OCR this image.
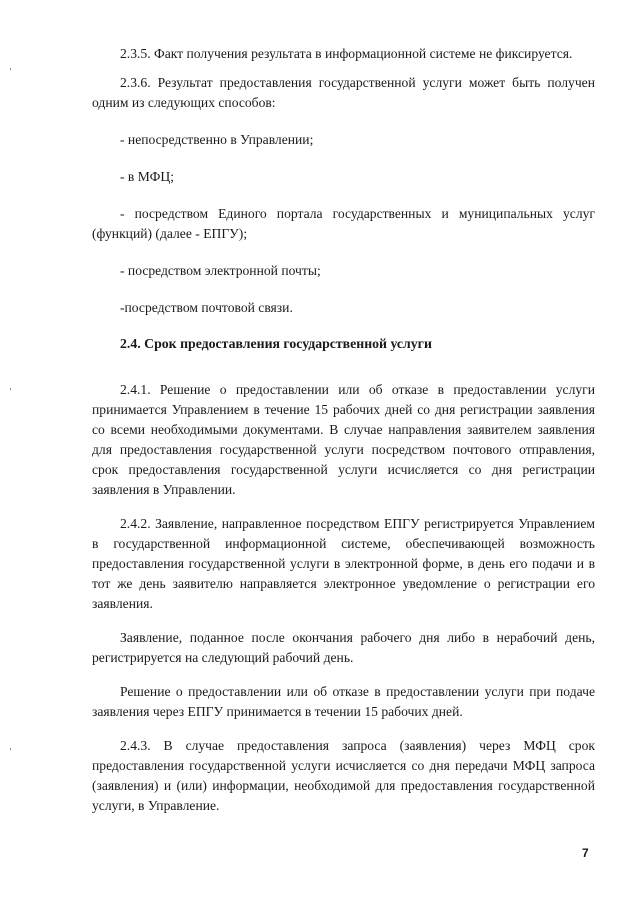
2.3.5. Факт получения результата в информационной системе не фиксируется.

2.3.6. Результат предоставления государственной услуги может быть получен одним из следующих способов:

- непосредственно в Управлении;

- в МФЦ;

- посредством Единого портала государственных и муниципальных услуг (функций) (далее - ЕПГУ);

- посредством электронной почты;

-посредством почтовой связи.

2.4. Срок предоставления государственной услуги

2.4.1. Решение о предоставлении или об отказе в предоставлении услуги принимается Управлением в течение 15 рабочих дней со дня регистрации заявления со всеми необходимыми документами. В случае направления заявителем заявления для предоставления государственной услуги посредством почтового отправления, срок предоставления государственной услуги исчисляется со дня регистрации заявления в Управлении.

2.4.2. Заявление, направленное посредством ЕПГУ регистрируется Управлением в государственной информационной системе, обеспечивающей возможность предоставления государственной услуги в электронной форме, в день его подачи и в тот же день заявителю направляется электронное уведомление о регистрации его заявления.

Заявление, поданное после окончания рабочего дня либо в нерабочий день, регистрируется на следующий рабочий день.

Решение о предоставлении или об отказе в предоставлении услуги при подаче заявления через ЕПГУ принимается в течении 15 рабочих дней.

2.4.3. В случае предоставления запроса (заявления) через МФЦ срок предоставления государственной услуги исчисляется со дня передачи МФЦ запроса (заявления) и (или) информации, необходимой для предоставления государственной услуги, в Управление.

7
